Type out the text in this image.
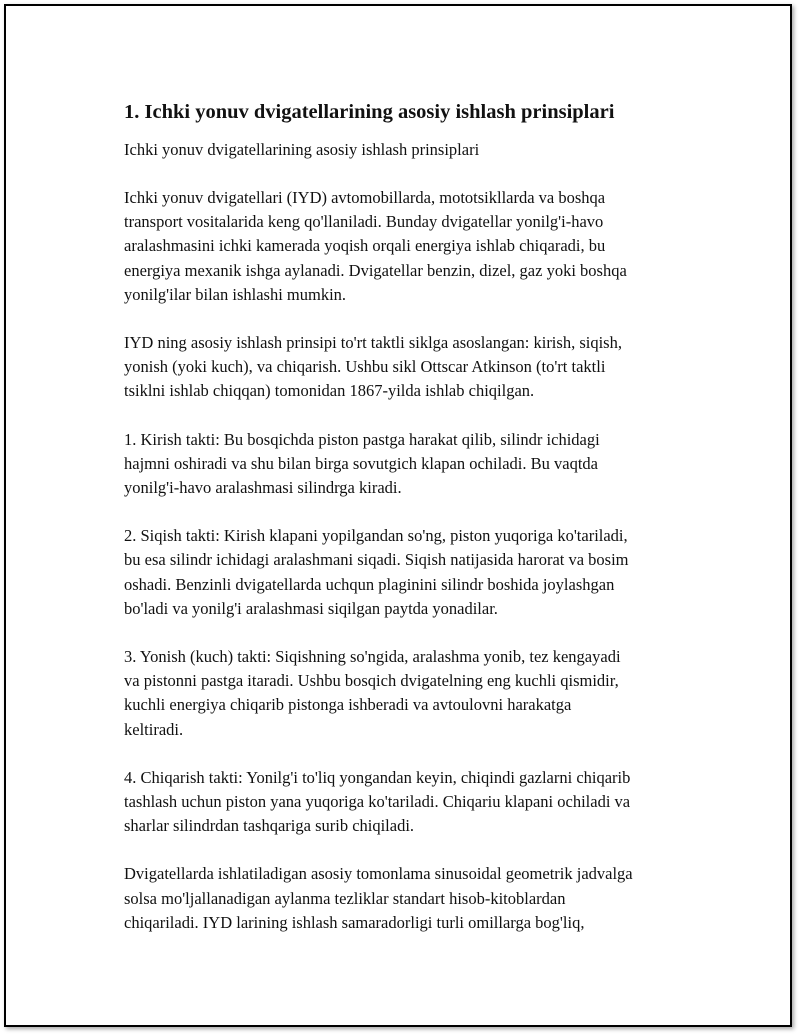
1. Ichki yonuv dvigatellarining asosiy ishlash prinsiplari
Ichki yonuv dvigatellarining asosiy ishlash prinsiplari
Ichki yonuv dvigatellari (IYD) avtomobillarda, mototsikllarda va boshqa
transport vositalarida keng qo'llaniladi. Bunday dvigatellar yonilg'i-havo
aralashmasini ichki kamerada yoqish orqali energiya ishlab chiqaradi, bu
energiya mexanik ishga aylanadi. Dvigatellar benzin, dizel, gaz yoki boshqa
yonilg'ilar bilan ishlashi mumkin.
IYD ning asosiy ishlash prinsipi to'rt taktli siklga asoslangan: kirish, siqish,
yonish (yoki kuch), va chiqarish. Ushbu sikl Ottscar Atkinson (to'rt taktli
tsiklni ishlab chiqqan) tomonidan 1867-yilda ishlab chiqilgan.
1. Kirish takti: Bu bosqichda piston pastga harakat qilib, silindr ichidagi
hajmni oshiradi va shu bilan birga sovutgich klapan ochiladi. Bu vaqtda
yonilg'i-havo aralashmasi silindrga kiradi.
2. Siqish takti: Kirish klapani yopilgandan so'ng, piston yuqoriga ko'tariladi,
bu esa silindr ichidagi aralashmani siqadi. Siqish natijasida harorat va bosim
oshadi. Benzinli dvigatellarda uchqun plaginini silindr boshida joylashgan
bo'ladi va yonilg'i aralashmasi siqilgan paytda yonadilar.
3. Yonish (kuch) takti: Siqishning so'ngida, aralashma yonib, tez kengayadi
va pistonni pastga itaradi. Ushbu bosqich dvigatelning eng kuchli qismidir,
kuchli energiya chiqarib pistonga ishberadi va avtoulovni harakatga
keltiradi.
4. Chiqarish takti: Yonilg'i to'liq yongandan keyin, chiqindi gazlarni chiqarib
tashlash uchun piston yana yuqoriga ko'tariladi. Chiqariu klapani ochiladi va
sharlar silindrdan tashqariga surib chiqiladi.
Dvigatellarda ishlatiladigan asosiy tomonlama sinusoidal geometrik jadvalga
solsa mo'ljallanadigan aylanma tezliklar standart hisob-kitoblardan
chiqariladi. IYD larining ishlash samaradorligi turli omillarga bog'liq,
